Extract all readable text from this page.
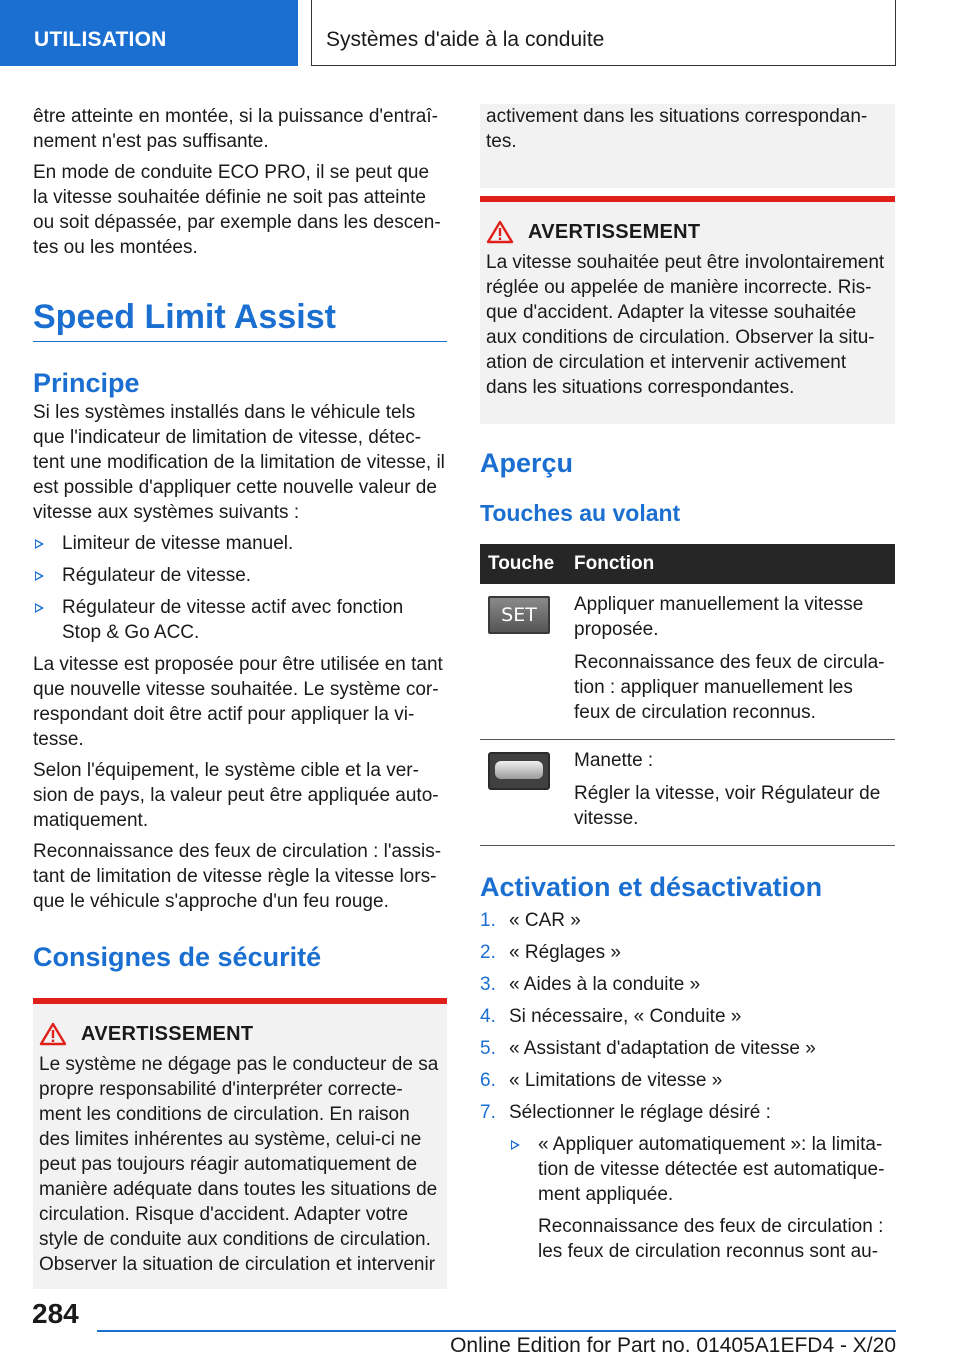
UTILISATION	Systèmes d'aide à la conduite

être atteinte en montée, si la puissance d'entraî-nement n'est pas suffisante.

En mode de conduite ECO PRO, il se peut que la vitesse souhaitée définie ne soit pas atteinte ou soit dépassée, par exemple dans les descen-tes ou les montées.

Speed Limit Assist
Principe

Si les systèmes installés dans le véhicule tels que l'indicateur de limitation de vitesse, détec-tent une modification de la limitation de vitesse, il est possible d'appliquer cette nouvelle valeur de vitesse aux systèmes suivants :

Limiteur de vitesse manuel.
Régulateur de vitesse.
Régulateur de vitesse actif avec fonction Stop & Go ACC.

La vitesse est proposée pour être utilisée en tant que nouvelle vitesse souhaitée. Le système cor-respondant doit être actif pour appliquer la vi-tesse.

Selon l'équipement, le système cible et la ver-sion de pays, la valeur peut être appliquée auto-matiquement.

Reconnaissance des feux de circulation : l'assis-tant de limitation de vitesse règle la vitesse lors-que le véhicule s'approche d'un feu rouge.

Consignes de sécurité
AVERTISSEMENT

Le système ne dégage pas le conducteur de sa propre responsabilité d'interpréter correcte-ment les conditions de circulation. En raison des limites inhérentes au système, celui-ci ne peut pas toujours réagir automatiquement de manière adéquate dans toutes les situations de circulation. Risque d'accident. Adapter votre style de conduite aux conditions de circulation. Observer la situation de circulation et intervenir

activement dans les situations correspondan-tes.

AVERTISSEMENT

La vitesse souhaitée peut être involontairement réglée ou appelée de manière incorrecte. Ris-que d'accident. Adapter la vitesse souhaitée aux conditions de circulation. Observer la situ-ation de circulation et intervenir activement dans les situations correspondantes.

Aperçu
Touches au volant
Touche	Fonction

SET	Appliquer manuellement la vitesse proposée.

Reconnaissance des feux de circula-tion : appliquer manuellement les feux de circulation reconnus.

	Manette :

Régler la vitesse, voir Régulateur de vitesse.

Activation et désactivation
1. « CAR »
2. « Réglages »
3. « Aides à la conduite »
4. Si nécessaire, « Conduite »
5. « Assistant d'adaptation de vitesse »
6. « Limitations de vitesse »
7. Sélectionner le réglage désiré :
« Appliquer automatiquement »: la limita-tion de vitesse détectée est automatique-ment appliquée.
Reconnaissance des feux de circulation : les feux de circulation reconnus sont au-
284
Online Edition for Part no. 01405A1EFD4 - X/20
